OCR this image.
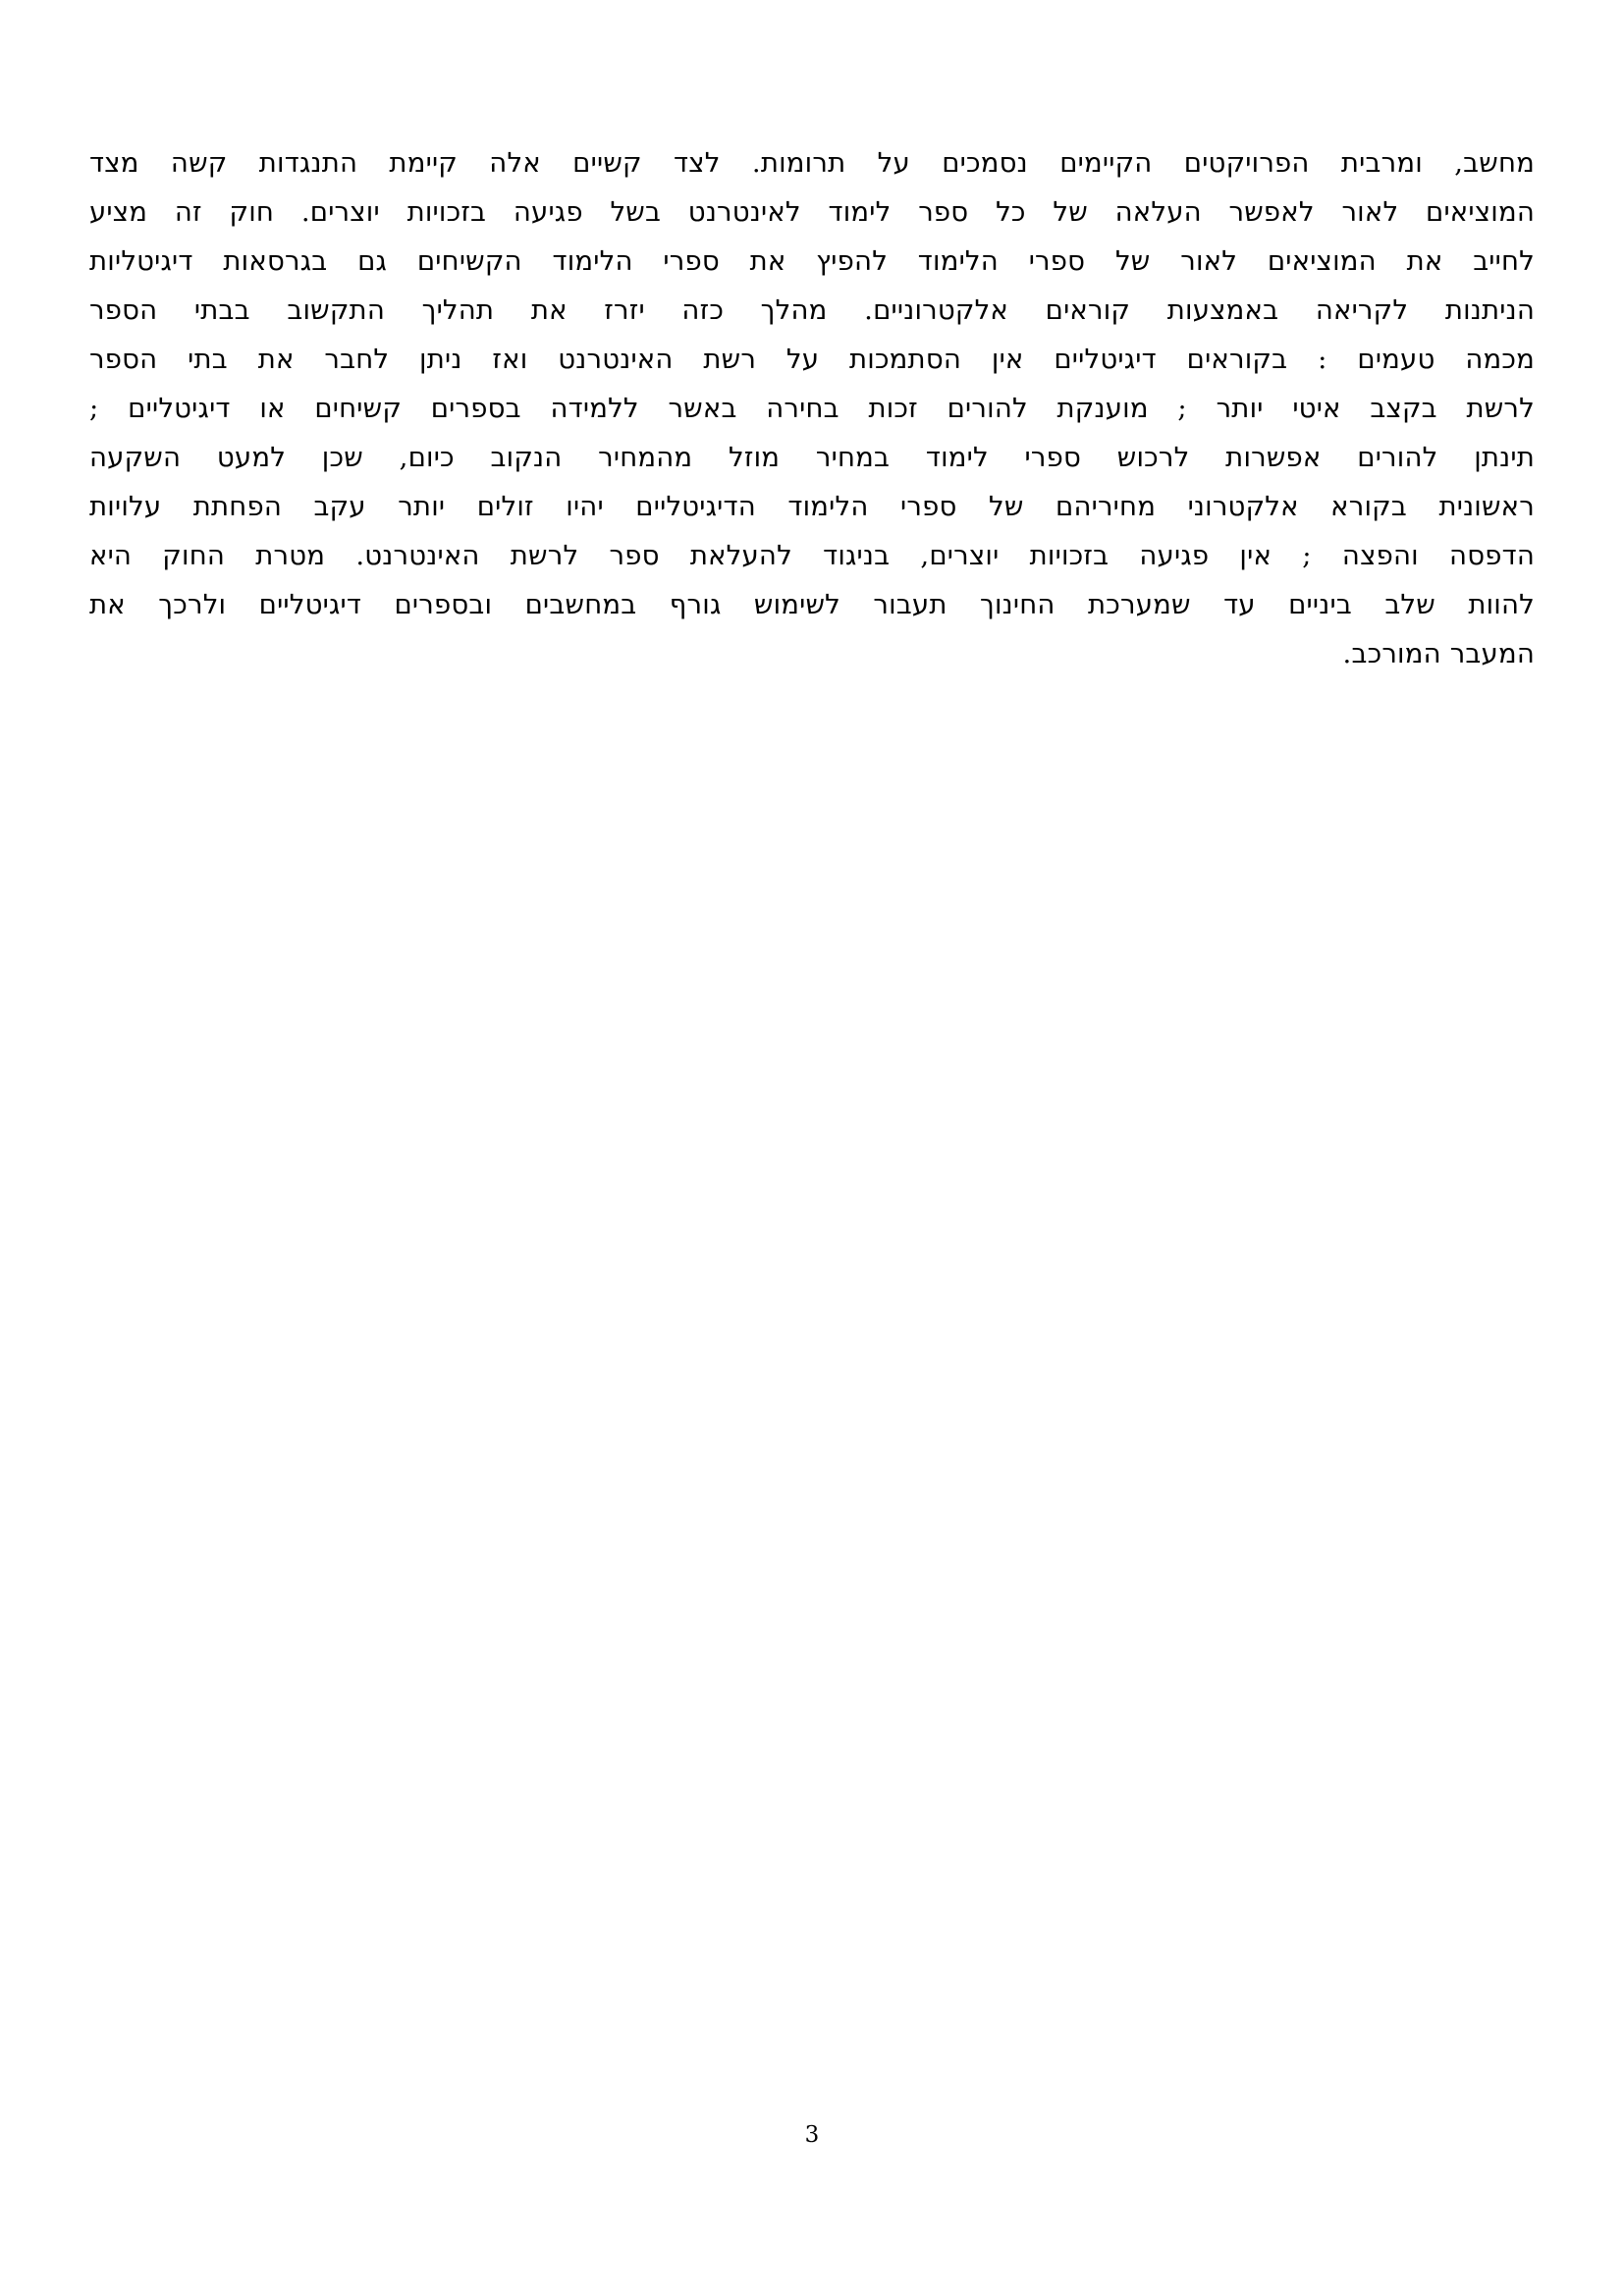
מחשב, ומרבית הפרויקטים הקיימים נסמכים על תרומות. לצד קשיים אלה קיימת התנגדות קשה מצד
המוציאים לאור לאפשר העלאה של כל ספר לימוד לאינטרנט בשל פגיעה בזכויות יוצרים. חוק זה מציע
לחייב את המוציאים לאור של ספרי הלימוד להפיץ את ספרי הלימוד הקשיחים גם בגרסאות דיגיטליות
הניתנות לקריאה באמצעות קוראים אלקטרוניים. מהלך כזה יזרז את תהליך התקשוב בבתי הספר
מכמה טעמים : בקוראים דיגיטליים אין הסתמכות על רשת האינטרנט ואז ניתן לחבר את בתי הספר
לרשת בקצב איטי יותר ; מוענקת להורים זכות בחירה באשר ללמידה בספרים קשיחים או דיגיטליים ;
תינתן להורים אפשרות לרכוש ספרי לימוד במחיר מוזל מהמחיר הנקוב כיום, שכן למעט השקעה
ראשונית בקורא אלקטרוני מחיריהם של ספרי הלימוד הדיגיטליים יהיו זולים יותר עקב הפחתת עלויות
הדפסה והפצה ; אין פגיעה בזכויות יוצרים, בניגוד להעלאת ספר לרשת האינטרנט. מטרת החוק היא
להוות שלב ביניים עד שמערכת החינוך תעבור לשימוש גורף במחשבים ובספרים דיגיטליים ולרכך את
המעבר המורכב.
3
